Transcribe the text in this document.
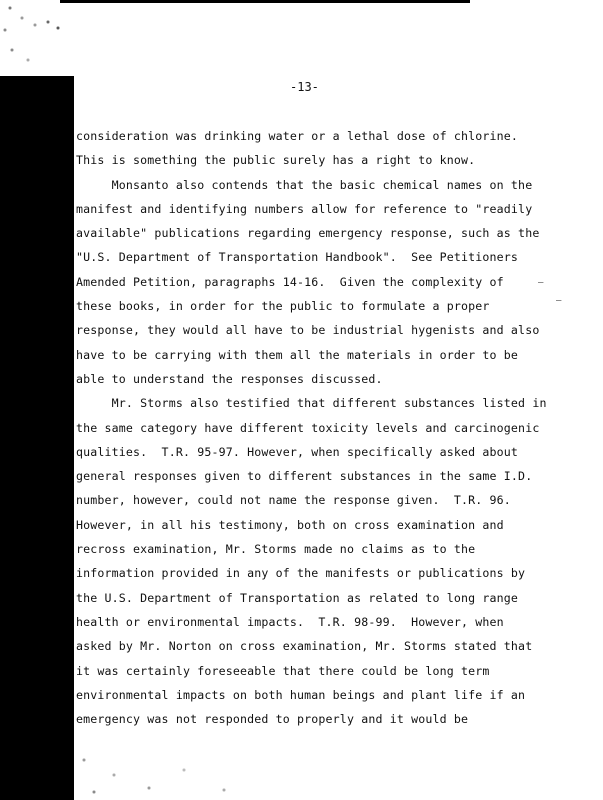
-13-

consideration was drinking water or a lethal dose of chlorine.
This is something the public surely has a right to know.
Monsanto also contends that the basic chemical names on the
manifest and identifying numbers allow for reference to "readily
available" publications regarding emergency response, such as the
"U.S. Department of Transportation Handbook".  See Petitioners
Amended Petition, paragraphs 14-16.  Given the complexity of
these books, in order for the public to formulate a proper
response, they would all have to be industrial hygenists and also
have to be carrying with them all the materials in order to be
able to understand the responses discussed.
Mr. Storms also testified that different substances listed in
the same category have different toxicity levels and carcinogenic
qualities.  T.R. 95-97. However, when specifically asked about
general responses given to different substances in the same I.D.
number, however, could not name the response given.  T.R. 96.
However, in all his testimony, both on cross examination and
recross examination, Mr. Storms made no claims as to the
information provided in any of the manifests or publications by
the U.S. Department of Transportation as related to long range
health or environmental impacts.  T.R. 98-99.  However, when
asked by Mr. Norton on cross examination, Mr. Storms stated that
it was certainly foreseeable that there could be long term
environmental impacts on both human beings and plant life if an
emergency was not responded to properly and it would be
—
–
